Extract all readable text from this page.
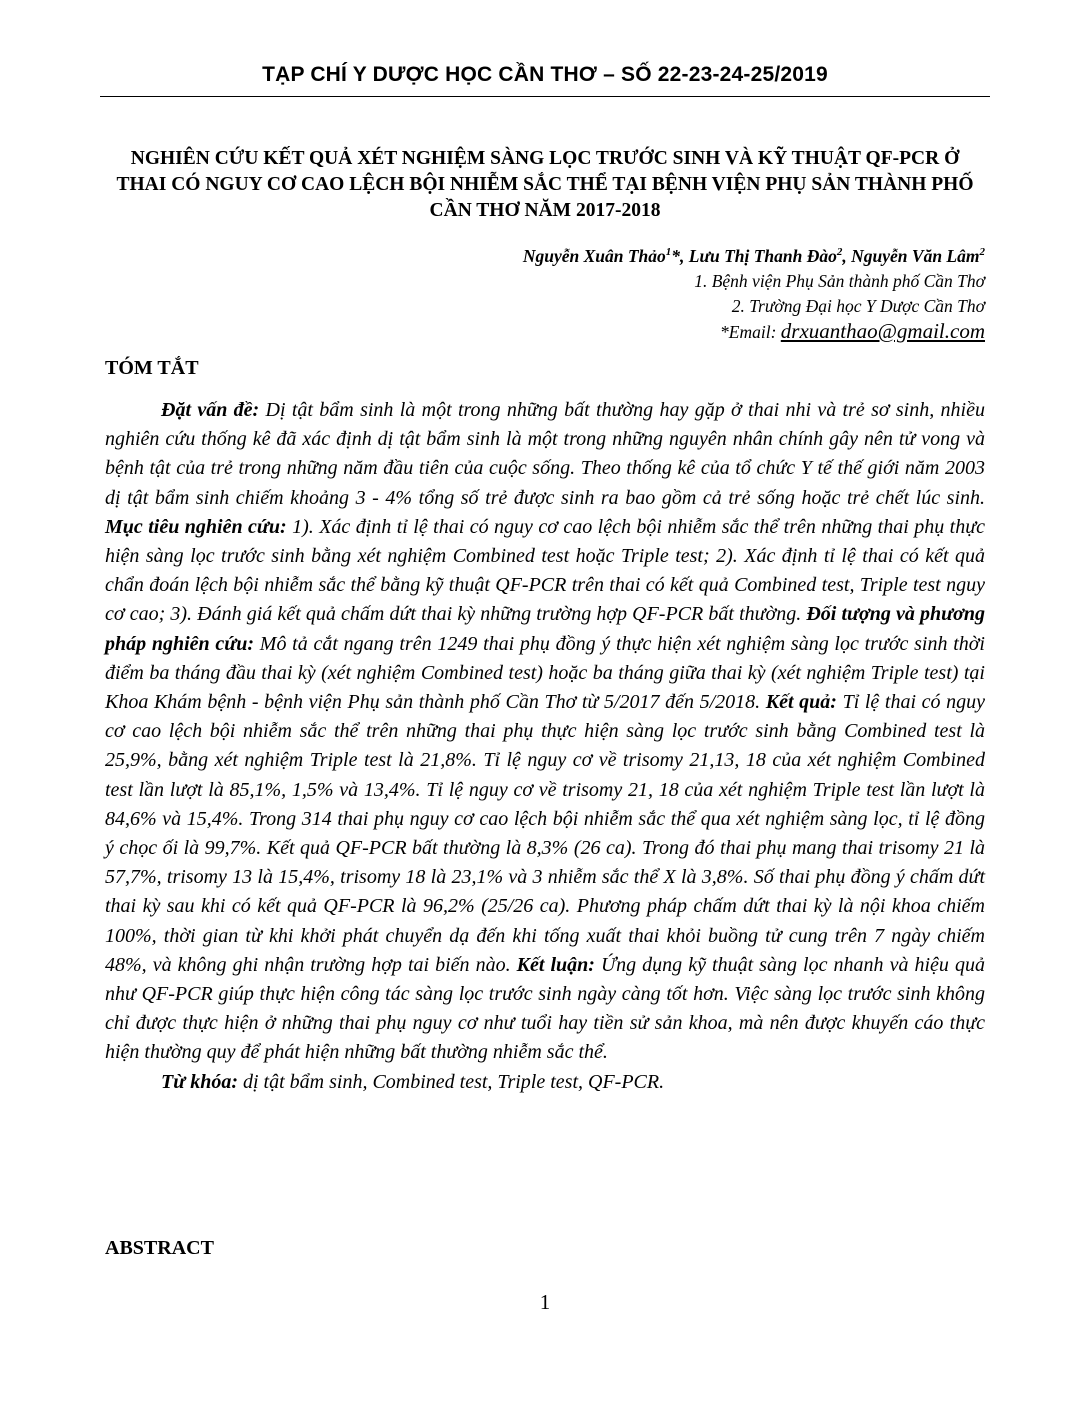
TẠP CHÍ Y DƯỢC HỌC CẦN THƠ – SỐ 22-23-24-25/2019
NGHIÊN CỨU KẾT QUẢ XÉT NGHIỆM SÀNG LỌC TRƯỚC SINH VÀ KỸ THUẬT QF-PCR Ở THAI CÓ NGUY CƠ CAO LỆCH BỘI NHIỄM SẮC THỂ TẠI BỆNH VIỆN PHỤ SẢN THÀNH PHỐ CẦN THƠ NĂM 2017-2018
Nguyễn Xuân Thảo$^1$*, Lưu Thị Thanh Đào$^2$, Nguyễn Văn Lâm$^2$
1. Bệnh viện Phụ Sản thành phố Cần Thơ
2. Trường Đại học Y Dược Cần Thơ
*Email: drxuanthao@gmail.com
TÓM TẮT

Đặt vấn đề: Dị tật bẩm sinh là một trong những bất thường hay gặp ở thai nhi và trẻ sơ sinh, nhiều nghiên cứu thống kê đã xác định dị tật bẩm sinh là một trong những nguyên nhân chính gây nên tử vong và bệnh tật của trẻ trong những năm đầu tiên của cuộc sống. Theo thống kê của tổ chức Y tế thế giới năm 2003 dị tật bẩm sinh chiếm khoảng 3 - 4% tổng số trẻ được sinh ra bao gồm cả trẻ sống hoặc trẻ chết lúc sinh. Mục tiêu nghiên cứu: 1). Xác định tỉ lệ thai có nguy cơ cao lệch bội nhiễm sắc thể trên những thai phụ thực hiện sàng lọc trước sinh bằng xét nghiệm Combined test hoặc Triple test; 2). Xác định tỉ lệ thai có kết quả chẩn đoán lệch bội nhiễm sắc thể bằng kỹ thuật QF-PCR trên thai có kết quả Combined test, Triple test nguy cơ cao; 3). Đánh giá kết quả chấm dứt thai kỳ những trường hợp QF-PCR bất thường. Đối tượng và phương pháp nghiên cứu: Mô tả cắt ngang trên 1249 thai phụ đồng ý thực hiện xét nghiệm sàng lọc trước sinh thời điểm ba tháng đầu thai kỳ (xét nghiệm Combined test) hoặc ba tháng giữa thai kỳ (xét nghiệm Triple test) tại Khoa Khám bệnh - bệnh viện Phụ sản thành phố Cần Thơ từ 5/2017 đến 5/2018. Kết quả: Tỉ lệ thai có nguy cơ cao lệch bội nhiễm sắc thể trên những thai phụ thực hiện sàng lọc trước sinh bằng Combined test là 25,9%, bằng xét nghiệm Triple test là 21,8%. Tỉ lệ nguy cơ về trisomy 21,13, 18 của xét nghiệm Combined test lần lượt là 85,1%, 1,5% và 13,4%. Tỉ lệ nguy cơ về trisomy 21, 18 của xét nghiệm Triple test lần lượt là 84,6% và 15,4%. Trong 314 thai phụ nguy cơ cao lệch bội nhiễm sắc thể qua xét nghiệm sàng lọc, tỉ lệ đồng ý chọc ối là 99,7%. Kết quả QF-PCR bất thường là 8,3% (26 ca). Trong đó thai phụ mang thai trisomy 21 là 57,7%, trisomy 13 là 15,4%, trisomy 18 là 23,1% và 3 nhiễm sắc thể X là 3,8%. Số thai phụ đồng ý chấm dứt thai kỳ sau khi có kết quả QF-PCR là 96,2% (25/26 ca). Phương pháp chấm dứt thai kỳ là nội khoa chiếm 100%, thời gian từ khi khởi phát chuyển dạ đến khi tống xuất thai khỏi buồng tử cung trên 7 ngày chiếm 48%, và không ghi nhận trường hợp tai biến nào. Kết luận: Ứng dụng kỹ thuật sàng lọc nhanh và hiệu quả như QF-PCR giúp thực hiện công tác sàng lọc trước sinh ngày càng tốt hơn. Việc sàng lọc trước sinh không chỉ được thực hiện ở những thai phụ nguy cơ như tuổi hay tiền sử sản khoa, mà nên được khuyến cáo thực hiện thường quy để phát hiện những bất thường nhiễm sắc thể.

Từ khóa: dị tật bẩm sinh, Combined test, Triple test, QF-PCR.

ABSTRACT
1
